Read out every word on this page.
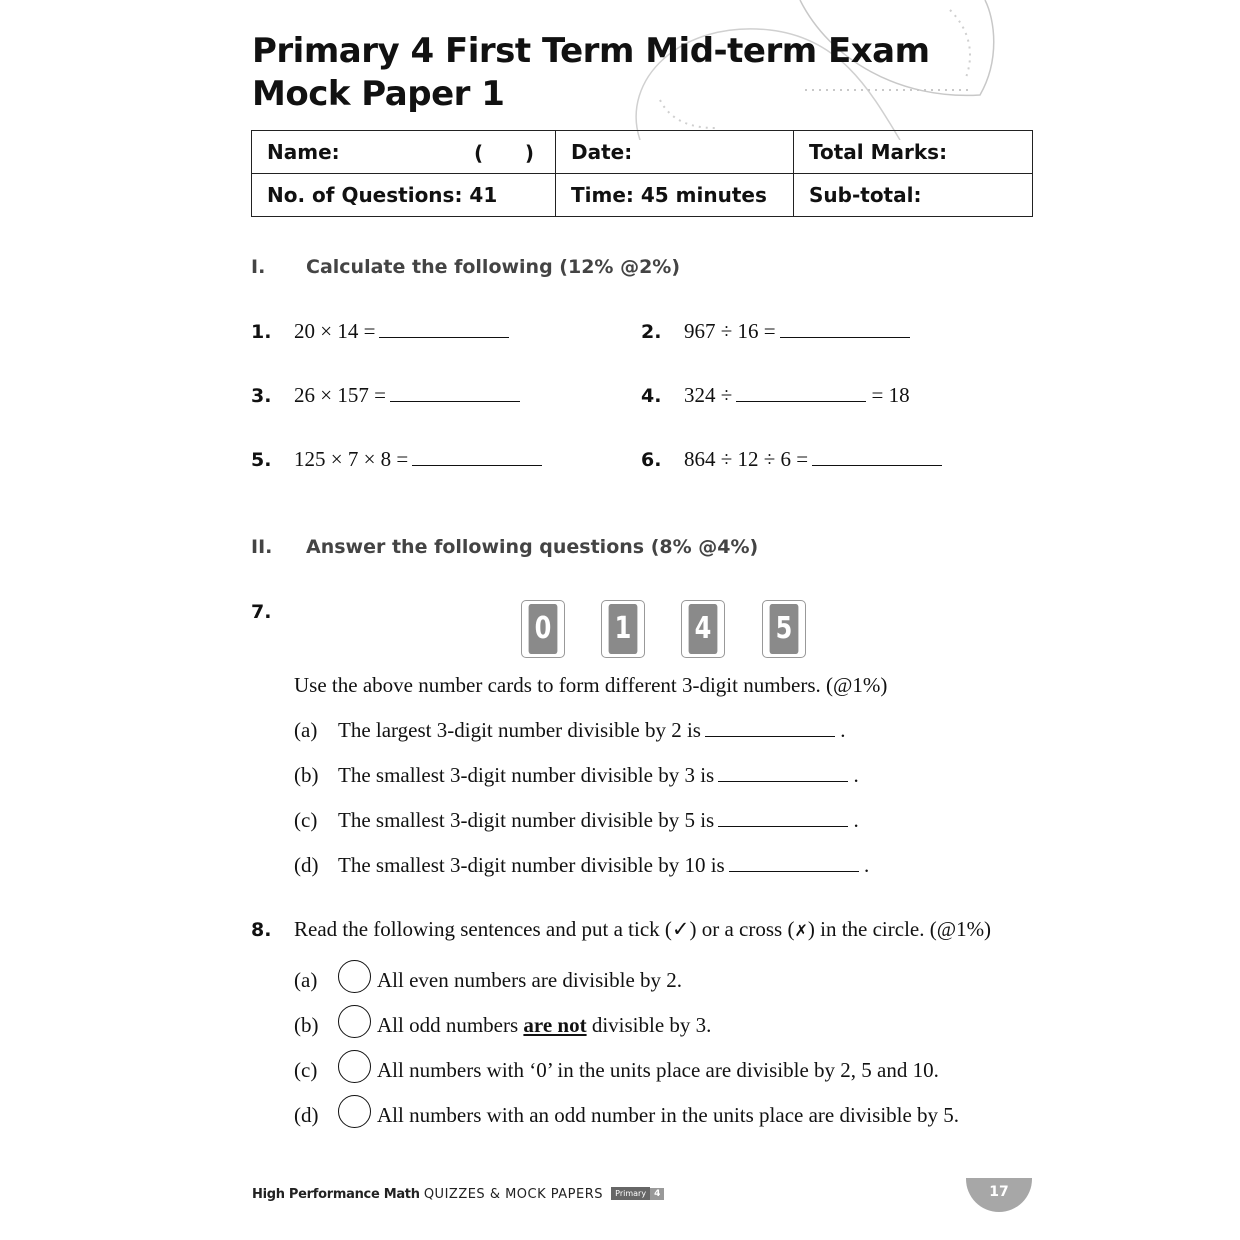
Primary 4 First Term Mid-term Exam
Mock Paper 1
Name:	Date:	Total Marks:
No. of Questions: 41	Time: 45 minutes	Sub-total:
(      )
I. Calculate the following (12% @2%)
1. 20 × 14 =	2. 967 ÷ 16 =
3. 26 × 157 =	4. 324 ÷	= 18
5. 125 × 7 × 8 =	6. 864 ÷ 12 ÷ 6 =
II. Answer the following questions (8% @4%)
7.	0 1 4 5
Use the above number cards to form different 3-digit numbers. (@1%)
(a) The largest 3-digit number divisible by 2 is	.
(b) The smallest 3-digit number divisible by 3 is	.
(c) The smallest 3-digit number divisible by 5 is	.
(d) The smallest 3-digit number divisible by 10 is	.
8. Read the following sentences and put a tick (✓) or a cross (✗) in the circle. (@1%)
(a)	All even numbers are divisible by 2.
(b)	All odd numbers are not divisible by 3.
(c)	All numbers with ‘0’ in the units place are divisible by 2, 5 and 10.
(d)	All numbers with an odd number in the units place are divisible by 5.
High Performance Math QUIZZES & MOCK PAPERS Primary 4	17
